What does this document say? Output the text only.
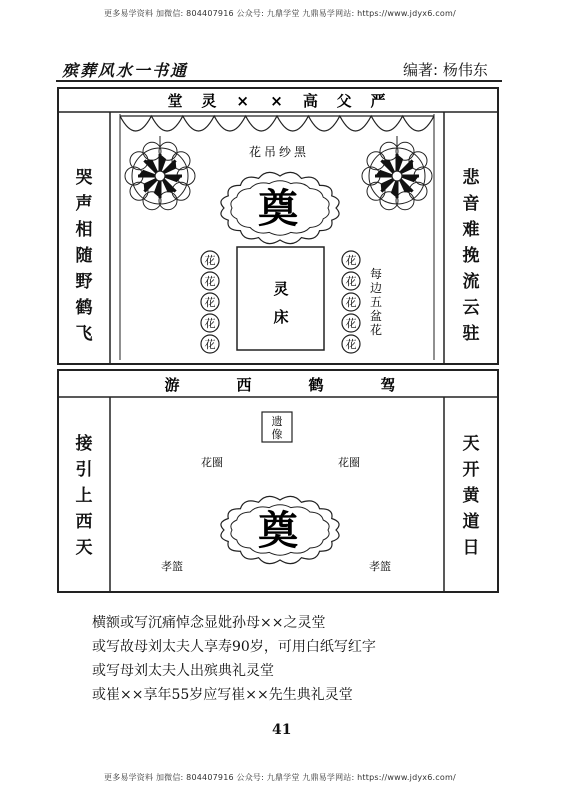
更多易学资料 加微信: 804407916 公众号: 九鼎学堂 九鼎易学网站: https://www.jdyx6.com/
殡葬风水一书通	编著: 杨伟东
花
花
花
花
花
花
花
花
花
花
堂 灵 × × 高 父 严
花吊纱黑
奠
灵
床
每
边
五
盆
花
游	西	鹤	驾
遗
像
花圈	花圈
奠
孝篮	孝篮
哭
声
相
随
野
鹤
飞
悲
音
难
挽
流
云
驻
接
引
上
西
天
天
开
黄
道
日
横额或写沉痛悼念显妣孙母××之灵堂
或写故母刘太夫人享寿90岁，可用白纸写红字
或写母刘太夫人出殡典礼灵堂
或崔××享年55岁应写崔××先生典礼灵堂
41
更多易学资料 加微信: 804407916 公众号: 九鼎学堂 九鼎易学网站: https://www.jdyx6.com/
